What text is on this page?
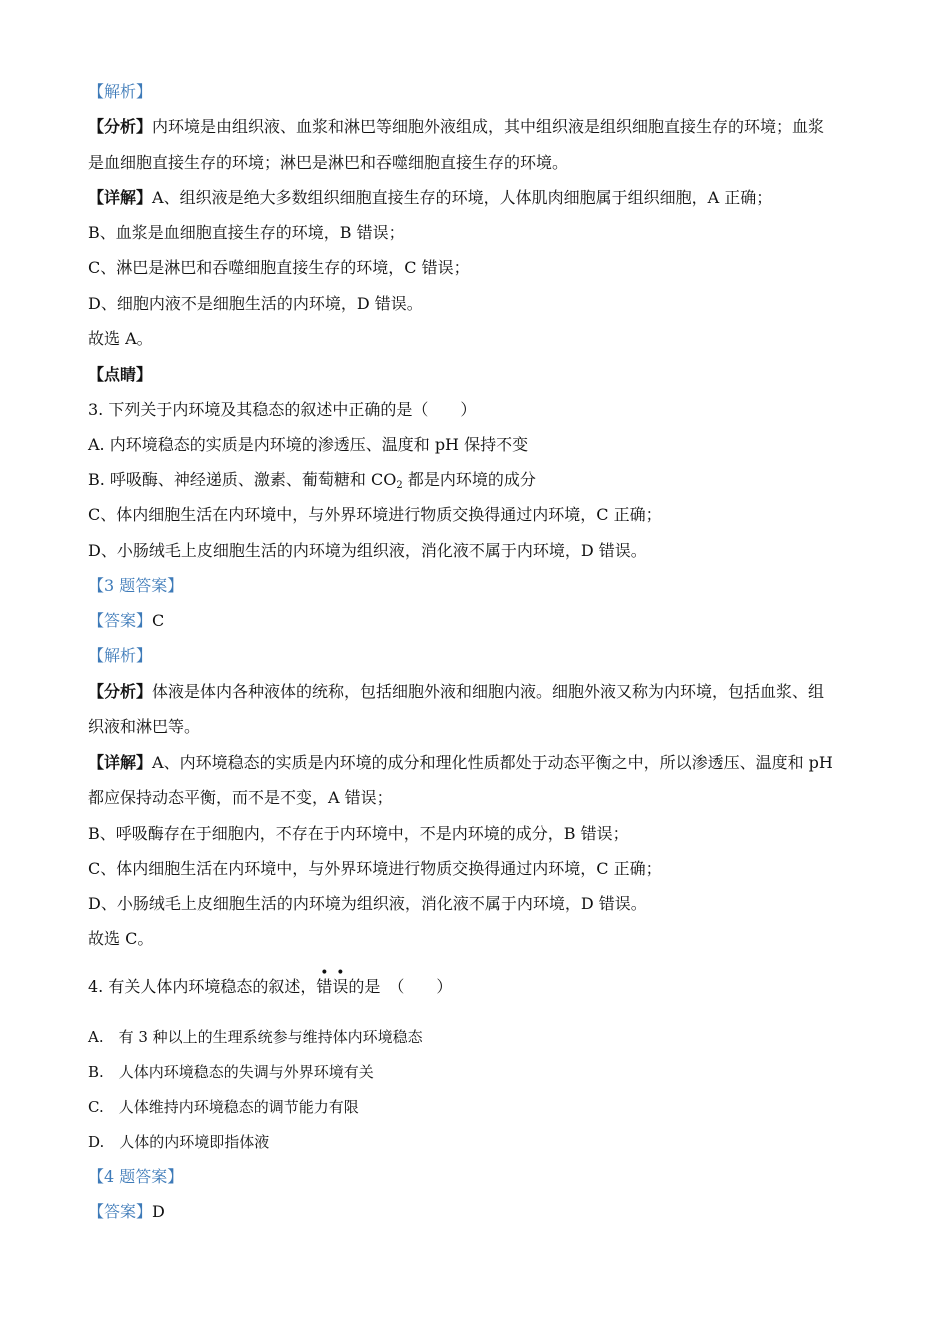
【解析】
【分析】内环境是由组织液、血浆和淋巴等细胞外液组成，其中组织液是组织细胞直接生存的环境；血浆
是血细胞直接生存的环境；淋巴是淋巴和吞噬细胞直接生存的环境。
【详解】A、组织液是绝大多数组织细胞直接生存的环境，人体肌肉细胞属于组织细胞，A 正确；
B、血浆是血细胞直接生存的环境，B 错误；
C、淋巴是淋巴和吞噬细胞直接生存的环境，C 错误；
D、细胞内液不是细胞生活的内环境，D 错误。
故选 A。
【点睛】
3. 下列关于内环境及其稳态的叙述中正确的是（　　）
A. 内环境稳态的实质是内环境的渗透压、温度和 pH 保持不变
B. 呼吸酶、神经递质、激素、葡萄糖和 $CO_2$ 都是内环境的成分
C、体内细胞生活在内环境中，与外界环境进行物质交换得通过内环境，C 正确；
D、小肠绒毛上皮细胞生活的内环境为组织液，消化液不属于内环境，D 错误。
【3 题答案】
【答案】C
【解析】
【分析】体液是体内各种液体的统称，包括细胞外液和细胞内液。细胞外液又称为内环境，包括血浆、组
织液和淋巴等。
【详解】A、内环境稳态的实质是内环境的成分和理化性质都处于动态平衡之中，所以渗透压、温度和 pH
都应保持动态平衡，而不是不变，A 错误；
B、呼吸酶存在于细胞内，不存在于内环境中，不是内环境的成分，B 错误；
C、体内细胞生活在内环境中，与外界环境进行物质交换得通过内环境，C 正确；
D、小肠绒毛上皮细胞生活的内环境为组织液，消化液不属于内环境，D 错误。
故选 C。
4. 有关人体内环境稳态的叙述，
•
错
•
误的是　（　　）
A.　有 3 种以上的生理系统参与维持体内环境稳态
B.　人体内环境稳态的失调与外界环境有关
C.　人体维持内环境稳态的调节能力有限
D.　人体的内环境即指体液
【4 题答案】
【答案】D
